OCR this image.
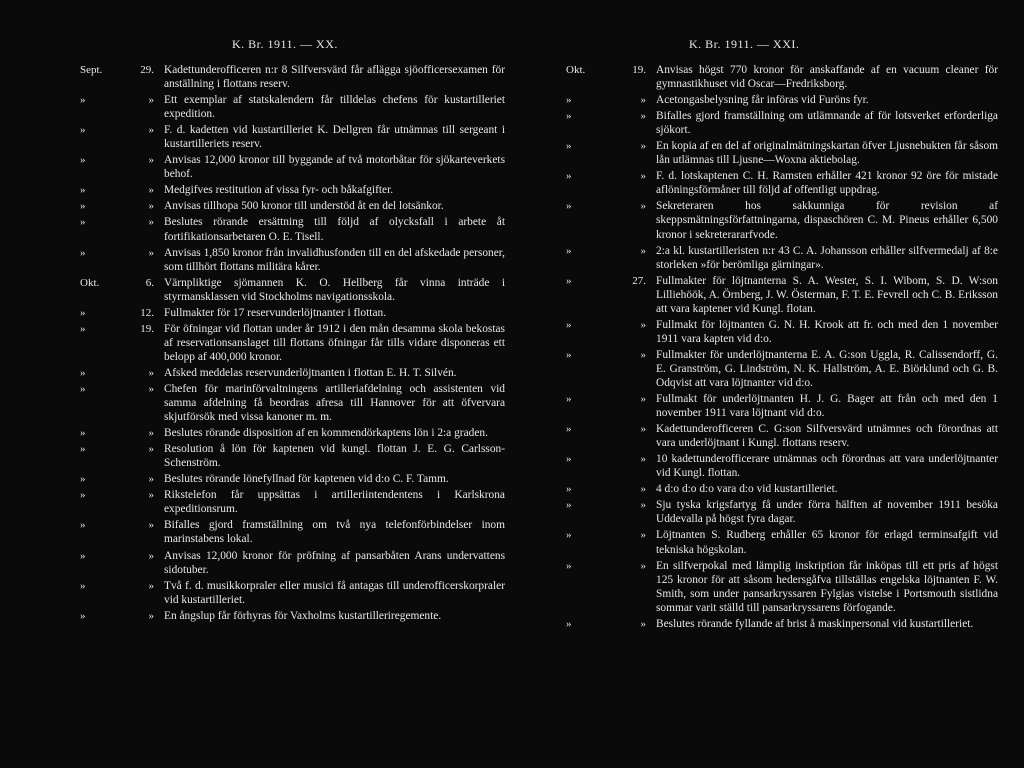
K. Br. 1911. — XX.
Sept.	29. Kadettunderofficeren n:r 8 Silfversvärd får aflägga sjöofficersexamen för anställning i flottans reserv.
»	» Ett exemplar af statskalendern får tilldelas chefens för kustartilleriet expedition.
»	» F. d. kadetten vid kustartilleriet K. Dellgren får utnämnas till sergeant i kustartilleriets reserv.
»	» Anvisas 12,000 kronor till byggande af två motorbåtar för sjökarteverkets behof.
»	» Medgifves restitution af vissa fyr- och båkafgifter.
»	» Anvisas tillhopa 500 kronor till understöd åt en del lotsänkor.
»	» Beslutes rörande ersättning till följd af olycksfall i arbete åt fortifikationsarbetaren O. E. Tisell.
»	» Anvisas 1,850 kronor från invalidhusfonden till en del afskedade personer, som tillhört flottans militära kårer.
Okt.	6. Värnpliktige sjömannen K. O. Hellberg får vinna inträde i styrmansklassen vid Stockholms navigationsskola.
»	12. Fullmakter för 17 reservunderlöjtnanter i flottan.
»	19. För öfningar vid flottan under år 1912 i den mån desamma skola bekostas af reservationsanslaget till flottans öfningar får tills vidare disponeras ett belopp af 400,000 kronor.
»	» Afsked meddelas reservunderlöjtnanten i flottan E. H. T. Silvén.
»	» Chefen för marinförvaltningens artilleriafdelning och assistenten vid samma afdelning få beordras afresa till Hannover för att öfvervara skjutförsök med vissa kanoner m. m.
»	» Beslutes rörande disposition af en kommendörkaptens lön i 2:a graden.
»	» Resolution å lön för kaptenen vid kungl. flottan J. E. G. Carlsson-Schenström.
»	» Beslutes rörande lönefyllnad för kaptenen vid d:o C. F. Tamm.
»	» Rikstelefon får uppsättas i artilleriintendentens i Karlskrona expeditionsrum.
»	» Bifalles gjord framställning om två nya telefonförbindelser inom marinstabens lokal.
»	» Anvisas 12,000 kronor för pröfning af pansarbåten Arans undervattens sidotuber.
»	» Två f. d. musikkorpraler eller musici få antagas till underofficerskorpraler vid kustartilleriet.
»	» En ångslup får förhyras för Vaxholms kustartilleriregemente.
K. Br. 1911. — XXI.
Okt.	19. Anvisas högst 770 kronor för anskaffande af en vacuum cleaner för gymnastikhuset vid Oscar—Fredriksborg.
»	» Acetongasbelysning får införas vid Furöns fyr.
»	» Bifalles gjord framställning om utlämnande af för lotsverket erforderliga sjökort.
»	» En kopia af en del af originalmätningskartan öfver Ljusnebukten får såsom lån utlämnas till Ljusne—Woxna aktiebolag.
»	» F. d. lotskaptenen C. H. Ramsten erhåller 421 kronor 92 öre för mistade aflöningsförmåner till följd af offentligt uppdrag.
»	» Sekreteraren hos sakkunniga för revision af skeppsmätningsförfattningarna, dispaschören C. M. Pineus erhåller 6,500 kronor i sekreterararfvode.
»	» 2:a kl. kustartilleristen n:r 43 C. A. Johansson erhåller silfvermedalj af 8:e storleken »för berömliga gärningar».
»	27. Fullmakter för löjtnanterna S. A. Wester, S. I. Wibom, S. D. W:son Lilliehöök, A. Örnberg, J. W. Österman, F. T. E. Fevrell och C. B. Eriksson att vara kaptener vid Kungl. flotan.
»	» Fullmakt för löjtnanten G. N. H. Krook att fr. och med den 1 november 1911 vara kapten vid d:o.
»	» Fullmakter för underlöjtnanterna E. A. G:son Uggla, R. Calissendorff, G. E. Granström, G. Lindström, N. K. Hallström, A. E. Biörklund och G. B. Odqvist att vara löjtnanter vid d:o.
»	» Fullmakt för underlöjtnanten H. J. G. Bager att från och med den 1 november 1911 vara löjtnant vid d:o.
»	» Kadettunderofficeren C. G:son Silfversvärd utnämnes och förordnas att vara underlöjtnant i Kungl. flottans reserv.
»	» 10 kadettunderofficerare utnämnas och förordnas att vara underlöjtnanter vid Kungl. flottan.
»	» 4 d:o d:o d:o vara d:o vid kustartilleriet.
»	» Sju tyska krigsfartyg få under förra hälften af november 1911 besöka Uddevalla på högst fyra dagar.
»	» Löjtnanten S. Rudberg erhåller 65 kronor för erlagd terminsafgift vid tekniska högskolan.
»	» En silfverpokal med lämplig inskription får inköpas till ett pris af högst 125 kronor för att såsom hedersgåfva tillställas engelska löjtnanten F. W. Smith, som under pansarkryssaren Fylgias vistelse i Portsmouth sistlidna sommar varit ställd till pansarkryssarens förfogande.
»	» Beslutes rörande fyllande af brist å maskinpersonal vid kustartilleriet.
